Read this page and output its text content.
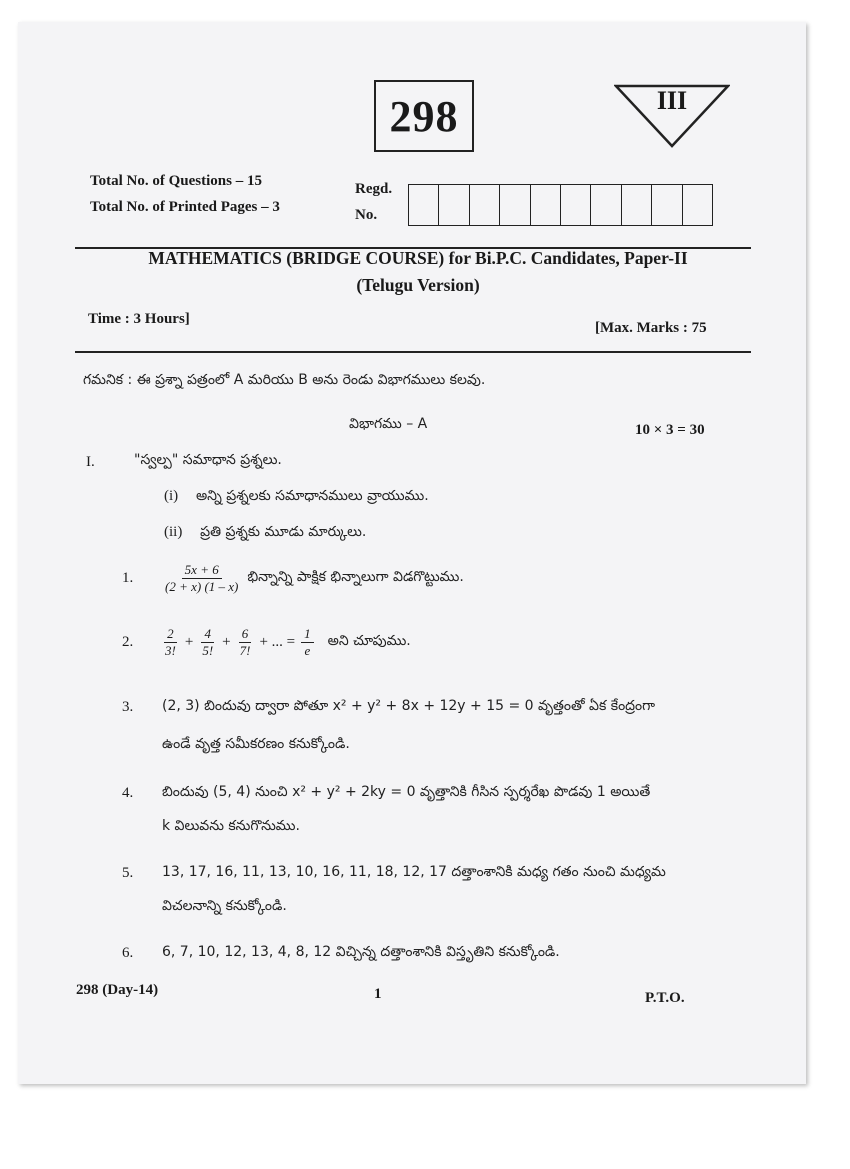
298	III
Total No. of Questions – 15
Total No. of Printed Pages – 3
Regd.
No.
MATHEMATICS (BRIDGE COURSE) for Bi.P.C. Candidates, Paper-II
(Telugu Version)
Time : 3 Hours]
[Max. Marks : 75
గమనిక : ఈ ప్రశ్నా పత్రంలో A మరియు B అను రెండు విభాగములు కలవు.
విభాగము – A	10 × 3 = 30
I.	"స్వల్ప" సమాధాన ప్రశ్నలు.
(i) అన్ని ప్రశ్నలకు సమాధానములు వ్రాయుము.
(ii) ప్రతి ప్రశ్నకు మూడు మార్కులు.
1.	$\frac{5x + 6}{(2 + x) (1 - x)}$ భిన్నాన్ని పాక్షిక భిన్నాలుగా విడగొట్టుము.
2.	$\frac{2}{3!} + \frac{4}{5!} + \frac{6}{7!}$ + ... = $\frac{1}{e}$ అని చూపుము.
3.	(2, 3) బిందువు ద్వారా పోతూ x² + y² + 8x + 12y + 15 = 0 వృత్తంతో ఏక కేంద్రంగా
ఉండే వృత్త సమీకరణం కనుక్కోండి.
4.	బిందువు (5, 4) నుంచి x² + y² + 2ky = 0 వృత్తానికి గీసిన స్పర్శరేఖ పొడవు 1 అయితే
k విలువను కనుగొనుము.
5.	13, 17, 16, 11, 13, 10, 16, 11, 18, 12, 17 దత్తాంశానికి మధ్య గతం నుంచి మధ్యమ
విచలనాన్ని కనుక్కోండి.
6.	6, 7, 10, 12, 13, 4, 8, 12 విచ్చిన్న దత్తాంశానికి విస్తృతిని కనుక్కోండి.
298 (Day-14)	1	P.T.O.
